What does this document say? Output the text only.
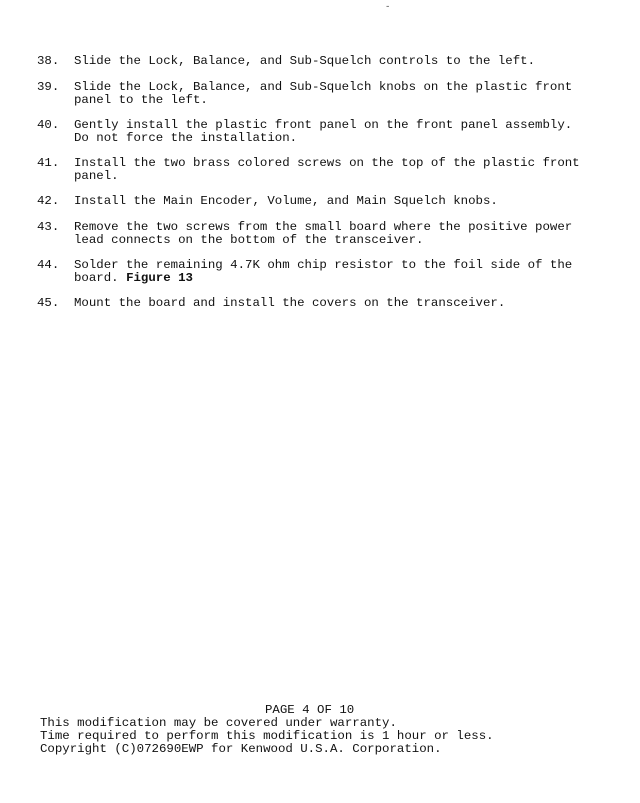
-
38.	Slide the Lock, Balance, and Sub-Squelch controls to the left.
39.	Slide the Lock, Balance, and Sub-Squelch knobs on the plastic front
panel to the left.
40.	Gently install the plastic front panel on the front panel assembly.
Do not force the installation.
41.	Install the two brass colored screws on the top of the plastic front
panel.
42.	Install the Main Encoder, Volume, and Main Squelch knobs.
43.	Remove the two screws from the small board where the positive power
lead connects on the bottom of the transceiver.
44.	Solder the remaining 4.7K ohm chip resistor to the foil side of the
board. Figure 13
45.	Mount the board and install the covers on the transceiver.
PAGE 4 OF 10
This modification may be covered under warranty.
Time required to perform this modification is 1 hour or less.
Copyright (C)072690EWP for Kenwood U.S.A. Corporation.
